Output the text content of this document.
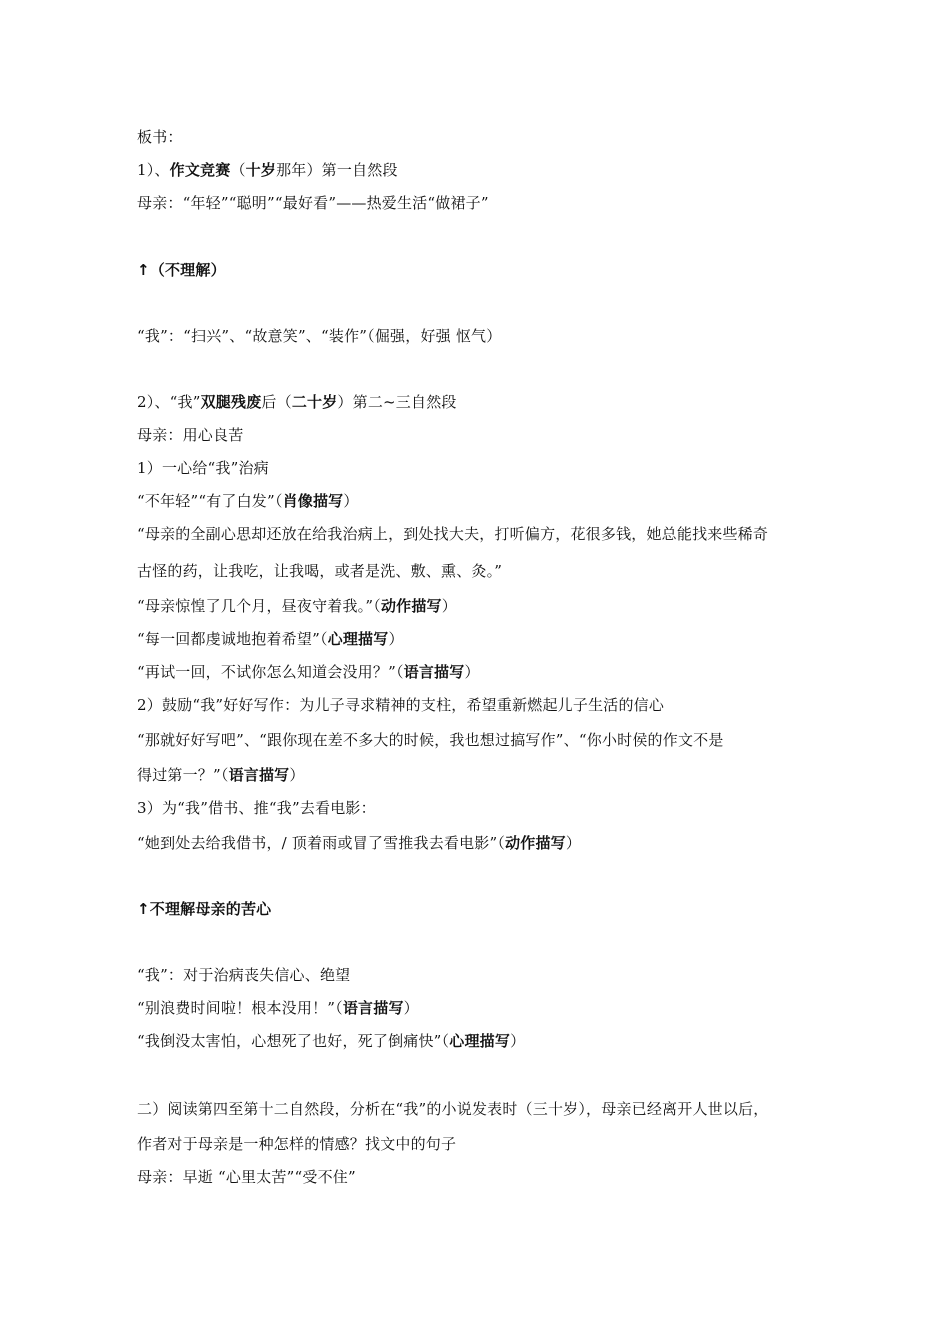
板书：
1）、作文竞赛（十岁那年）第一自然段
母亲：“年轻”“聪明”“最好看”——热爱生活“做裙子”
↑（不理解）
“我”：“扫兴”、“故意笑”、“装作”（倔强，好强 怄气）
2）、“我”双腿残废后（二十岁）第二~三自然段
母亲：用心良苦
1）一心给“我”治病
“不年轻”“有了白发”（肖像描写）
“母亲的全副心思却还放在给我治病上，到处找大夫，打听偏方，花很多钱，她总能找来些稀奇
古怪的药，让我吃，让我喝，或者是洗、敷、熏、灸。”
“母亲惊惶了几个月，昼夜守着我。”（动作描写）
“每一回都虔诚地抱着希望”（心理描写）
“再试一回，不试你怎么知道会没用？”（语言描写）
2）鼓励“我”好好写作：为儿子寻求精神的支柱，希望重新燃起儿子生活的信心
“那就好好写吧”、“跟你现在差不多大的时候，我也想过搞写作”、“你小时侯的作文不是
得过第一？”（语言描写）
3）为“我”借书、推“我”去看电影：
“她到处去给我借书，/ 顶着雨或冒了雪推我去看电影”（动作描写）
↑不理解母亲的苦心
“我”：对于治病丧失信心、绝望
“别浪费时间啦！根本没用！”（语言描写）
“我倒没太害怕，心想死了也好，死了倒痛快”（心理描写）
二）阅读第四至第十二自然段，分析在“我”的小说发表时（三十岁），母亲已经离开人世以后，
作者对于母亲是一种怎样的情感？找文中的句子
母亲：早逝 “心里太苦”“受不住”
